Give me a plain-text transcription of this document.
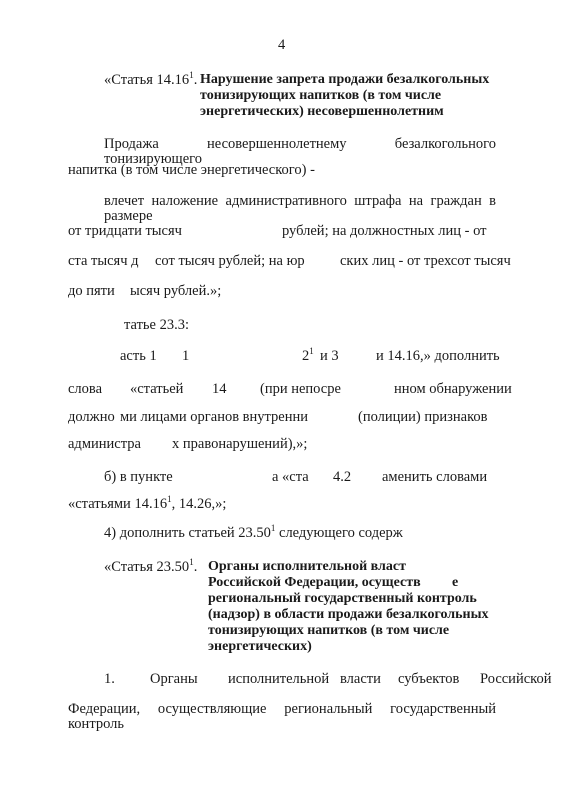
4
«Статья 14.16$^1$. Нарушение запрета продажи безалкогольных
тонизирующих напитков (в том числе
энергетических) несовершеннолетним
Продажа несовершеннолетнему безалкогольного тонизирующего
напитка (в том числе энергетического) -
влечет наложение административного штрафа на граждан в размере
от тридцати тысяч	рублей; на должностных лиц - от
ста тысяч д сот тысяч рублей; на юр ских лиц - от трехсот тысяч
до пяти ысяч рублей.»;
татье 23.3:
асть 1 1	$2^1$ и 3	и 14.16,» дополнить
слова «статьей 14 (при непосре	нном обнаружении
должно ми лицами органов внутренни	(полиции) признаков
администра х правонарушений),»;
б) в пункте	а «ста 4.2 аменить словами
«статьями 14.16$^1$, 14.26,»;
4) дополнить статьей 23.50$^1$ следующего содерж
«Статья 23.50$^1$. Органы исполнительной власт
Российской Федерации, осуществ е
региональный государственный контроль
(надзор) в области продажи безалкогольных
тонизирующих напитков (в том числе
энергетических)
1. Органы исполнительной власти субъектов Российской
Федерации, осуществляющие региональный государственный контроль
